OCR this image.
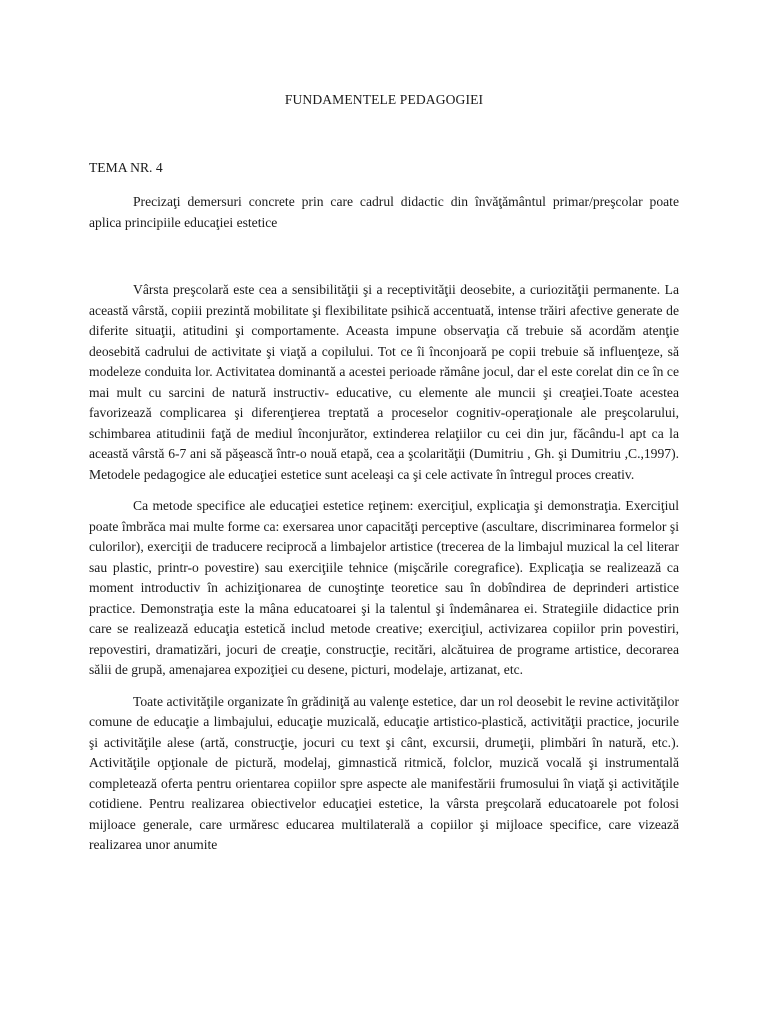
FUNDAMENTELE PEDAGOGIEI
TEMA NR. 4
Precizaţi demersuri concrete prin care cadrul didactic din învăţământul primar/preşcolar poate aplica principiile educaţiei estetice

Vârsta preşcolară este cea a sensibilităţii şi a receptivităţii deosebite, a curiozităţii permanente. La această vârstă, copiii prezintă mobilitate şi flexibilitate psihică accentuată, intense trăiri afective generate de diferite situaţii, atitudini şi comportamente. Aceasta impune observaţia că trebuie să acordăm atenţie deosebită cadrului de activitate şi viaţă a copilului. Tot ce îi înconjoară pe copii trebuie să influenţeze, să modeleze conduita lor. Activitatea dominantă a acestei perioade rămâne jocul, dar el este corelat din ce în ce mai mult cu sarcini de natură instructiv- educative, cu elemente ale muncii şi creaţiei.Toate acestea favorizează complicarea şi diferenţierea treptată a proceselor cognitiv-operaţionale ale preşcolarului, schimbarea atitudinii faţă de mediul înconjurător, extinderea relaţiilor cu cei din jur, făcându-l apt ca la această vârstă 6-7 ani să păşească într-o nouă etapă, cea a şcolarităţii (Dumitriu , Gh. şi Dumitriu ,C.,1997). Metodele pedagogice ale educaţiei estetice sunt aceleaşi ca şi cele activate în întregul proces creativ.

Ca metode specifice ale educaţiei estetice reţinem: exerciţiul, explicaţia şi demonstraţia. Exerciţiul poate îmbrăca mai multe forme ca: exersarea unor capacităţi perceptive (ascultare, discriminarea formelor şi culorilor), exerciţii de traducere reciprocă a limbajelor artistice (trecerea de la limbajul muzical la cel literar sau plastic, printr-o povestire) sau exerciţiile tehnice (mişcările coregrafice). Explicaţia se realizează ca moment introductiv în achiziţionarea de cunoştinţe teoretice sau în dobîndirea de deprinderi artistice practice. Demonstraţia este la mâna educatoarei şi la talentul şi îndemânarea ei. Strategiile didactice prin care se realizează educaţia estetică includ metode creative; exerciţiul, activizarea copiilor prin povestiri, repovestiri, dramatizări, jocuri de creaţie, construcţie, recitări, alcătuirea de programe artistice, decorarea sălii de grupă, amenajarea expoziţiei cu desene, picturi, modelaje, artizanat, etc.

Toate activităţile organizate în grădiniţă au valenţe estetice, dar un rol deosebit le revine activităţilor comune de educaţie a limbajului, educaţie muzicală, educaţie artistico-plastică, activităţii practice, jocurile şi activităţile alese (artă, construcţie, jocuri cu text şi cânt, excursii, drumeţii, plimbări în natură, etc.). Activităţile opţionale de pictură, modelaj, gimnastică ritmică, folclor, muzică vocală şi instrumentală completează oferta pentru orientarea copiilor spre aspecte ale manifestării frumosului în viaţă şi activităţile cotidiene. Pentru realizarea obiectivelor educaţiei estetice, la vârsta preşcolară educatoarele pot folosi mijloace generale, care urmăresc educarea multilaterală a copiilor şi mijloace specifice, care vizează realizarea unor anumite
